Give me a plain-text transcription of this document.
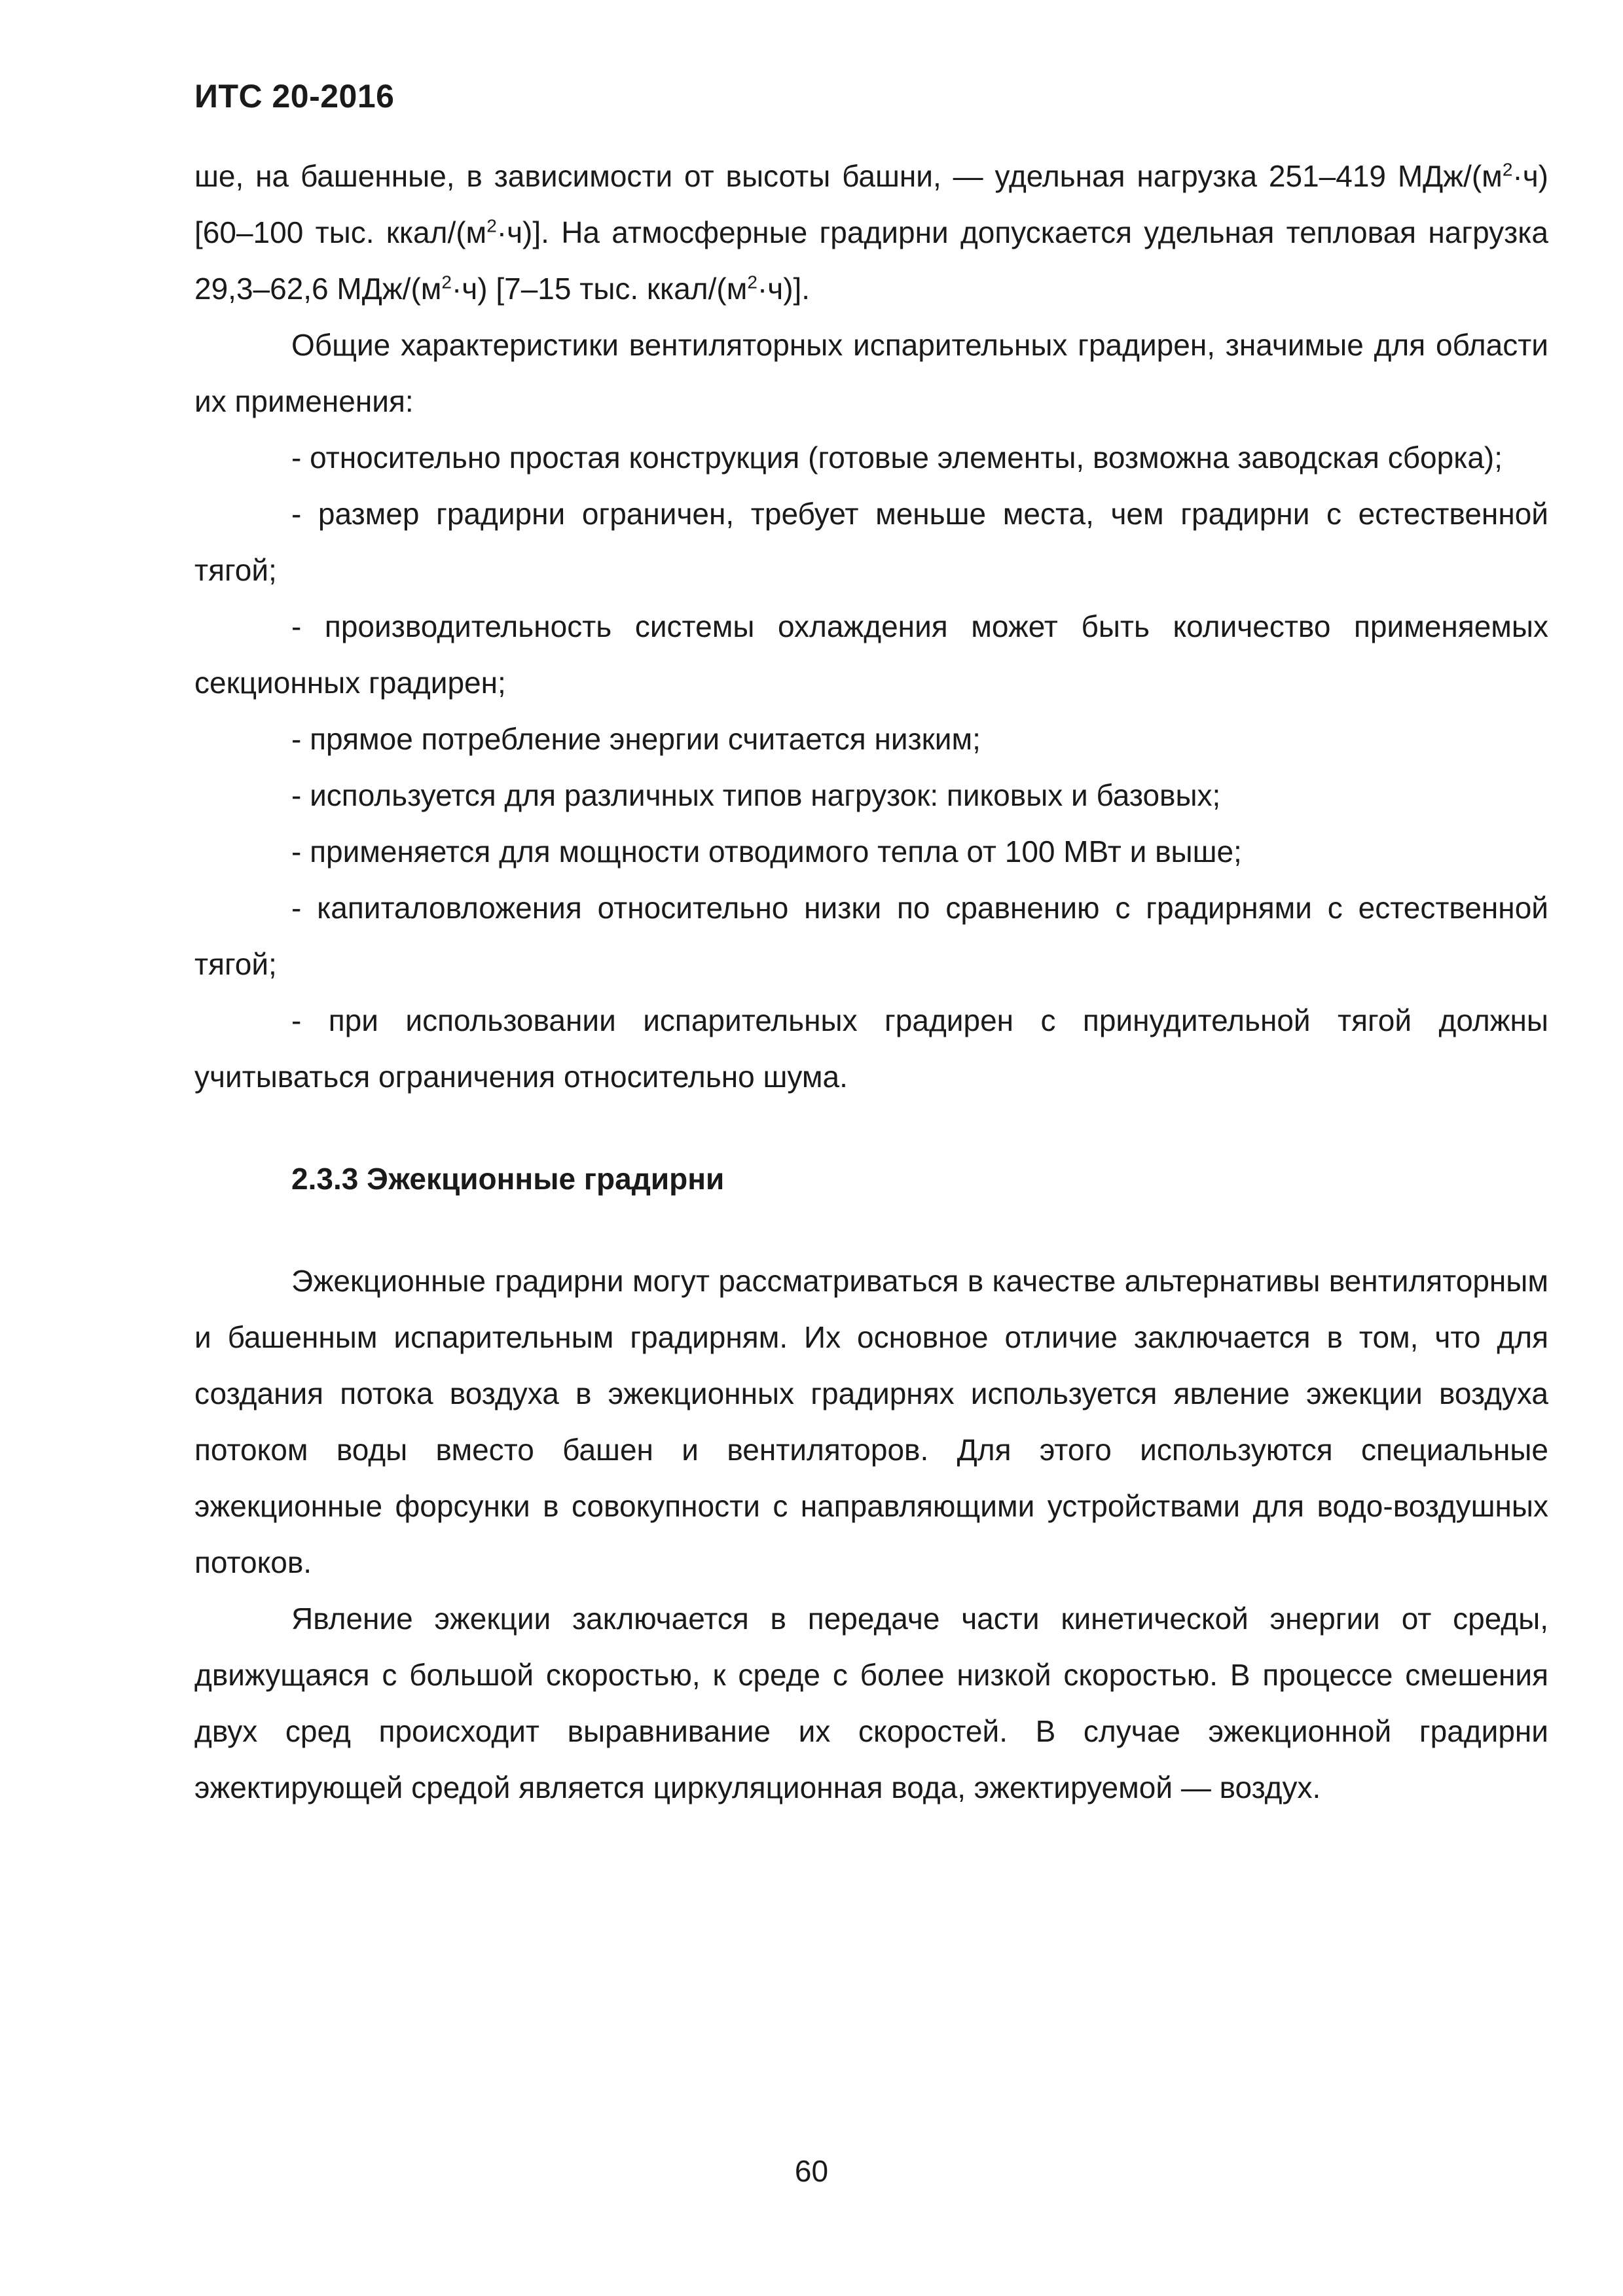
ИТС 20-2016

ше, на башенные, в зависимости от высоты башни, — удельная нагрузка 251–419 МДж/$(м^2\cdot ч)$ [60–100 тыс. ккал/$(м^2\cdot ч)$]. На атмосферные градирни допускается удельная тепловая нагрузка 29,3–62,6 МДж/$(м^2\cdot ч)$ [7–15 тыс. ккал/$(м^2\cdot ч)$].

Общие характеристики вентиляторных испарительных градирен, значимые для области их применения:

- относительно простая конструкция (готовые элементы, возможна заводская сборка);

- размер градирни ограничен, требует меньше места, чем градирни с естественной тягой;

- производительность системы охлаждения может быть количество применяемых секционных градирен;

- прямое потребление энергии считается низким;

- используется для различных типов нагрузок: пиковых и базовых;

- применяется для мощности отводимого тепла от 100 МВт и выше;

- капиталовложения относительно низки по сравнению с градирнями с естественной тягой;

- при использовании испарительных градирен с принудительной тягой должны учитываться ограничения относительно шума.

2.3.3 Эжекционные градирни

Эжекционные градирни могут рассматриваться в качестве альтернативы вентиляторным и башенным испарительным градирням. Их основное отличие заключается в том, что для создания потока воздуха в эжекционных градирнях используется явление эжекции воздуха потоком воды вместо башен и вентиляторов. Для этого используются специальные эжекционные форсунки в совокупности с направляющими устройствами для водо-воздушных потоков.

Явление эжекции заключается в передаче части кинетической энергии от среды, движущаяся с большой скоростью, к среде с более низкой скоростью. В процессе смешения двух сред происходит выравнивание их скоростей. В случае эжекционной градирни эжектирующей средой является циркуляционная вода, эжектируемой — воздух.

60
